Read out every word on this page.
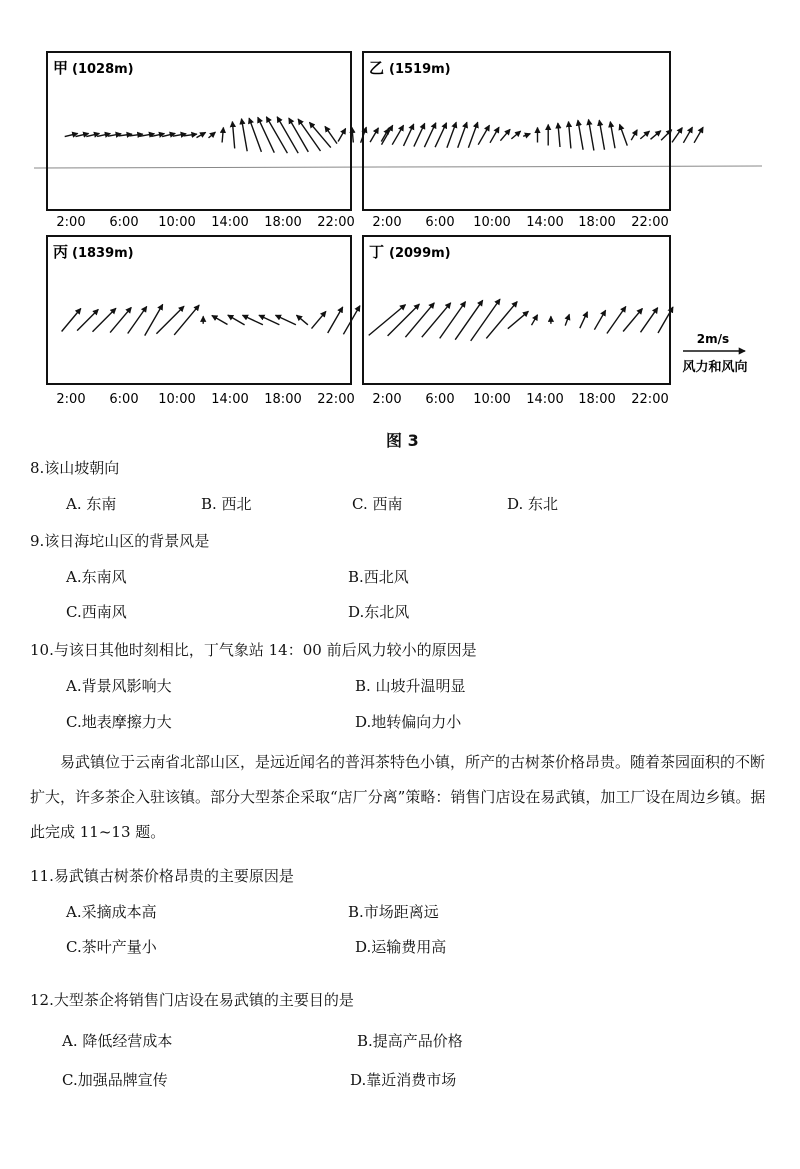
甲 (1028m)
2:00 6:00 10:00 14:00 18:00 22:00
乙 (1519m)
2:00 6:00 10:00 14:00 18:00 22:00
丙 (1839m)
2:00 6:00 10:00 14:00 18:00 22:00
丁 (2099m)
2:00 6:00 10:00 14:00 18:00 22:00
2m/s
风力和风向
图 3
8.该山坡朝向
A. 东南	B. 西北	C. 西南	D. 东北
9.该日海坨山区的背景风是
A.东南风	B.西北风
C.西南风	D.东北风
10.与该日其他时刻相比，丁气象站 14：00 前后风力较小的原因是
A.背景风影响大	B. 山坡升温明显
C.地表摩擦力大	D.地转偏向力小
易武镇位于云南省北部山区，是远近闻名的普洱茶特色小镇，所产的古树茶价格昂贵。随着茶园面积的不断扩大，许多茶企入驻该镇。部分大型茶企采取“店厂分离”策略：销售门店设在易武镇，加工厂设在周边乡镇。据此完成 11~13 题。
11.易武镇古树茶价格昂贵的主要原因是
A.采摘成本高	B.市场距离远
C.茶叶产量小	D.运输费用高
12.大型茶企将销售门店设在易武镇的主要目的是
A. 降低经营成本	B.提高产品价格
C.加强品牌宣传	D.靠近消费市场
